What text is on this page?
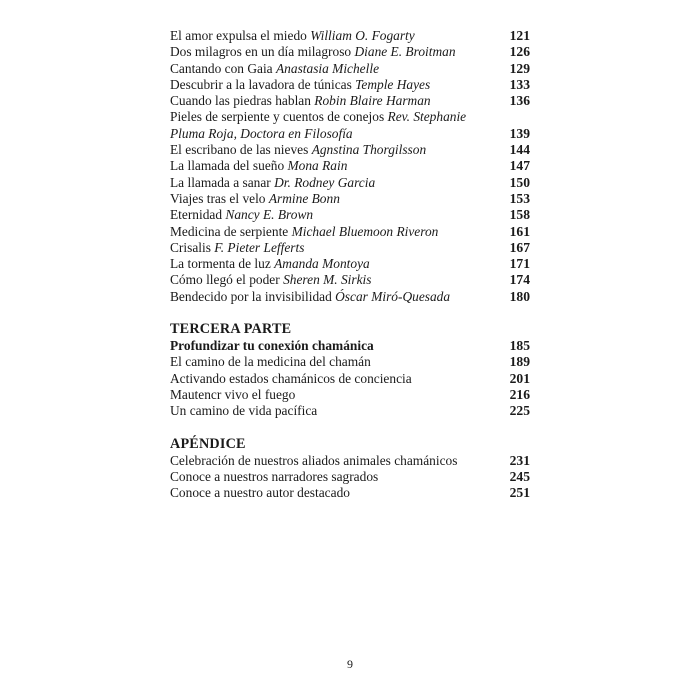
El amor expulsa el miedo William O. Fogarty	121
Dos milagros en un día milagroso Diane E. Broitman	126
Cantando con Gaia Anastasia Michelle	129
Descubrir a la lavadora de túnicas Temple Hayes	133
Cuando las piedras hablan Robin Blaire Harman	136
Pieles de serpiente y cuentos de conejos Rev. Stephanie
Pluma Roja, Doctora en Filosofía	139
El escribano de las nieves Agnstina Thorgilsson	144
La llamada del sueño Mona Rain	147
La llamada a sanar Dr. Rodney Garcia	150
Viajes tras el velo Armine Bonn	153
Eternidad Nancy E. Brown	158
Medicina de serpiente Michael Bluemoon Riveron	161
Crisalis F. Pieter Lefferts	167
La tormenta de luz Amanda Montoya	171
Cómo llegó el poder Sheren M. Sirkis	174
Bendecido por la invisibilidad Óscar Miró-Quesada	180
TERCERA PARTE
Profundizar tu conexión chamánica	185
El camino de la medicina del chamán	189
Activando estados chamánicos de conciencia	201
Mautencr vivo el fuego	216
Un camino de vida pacífica	225
APÉNDICE
Celebración de nuestros aliados animales chamánicos	231
Conoce a nuestros narradores sagrados	245
Conoce a nuestro autor destacado	251
9
